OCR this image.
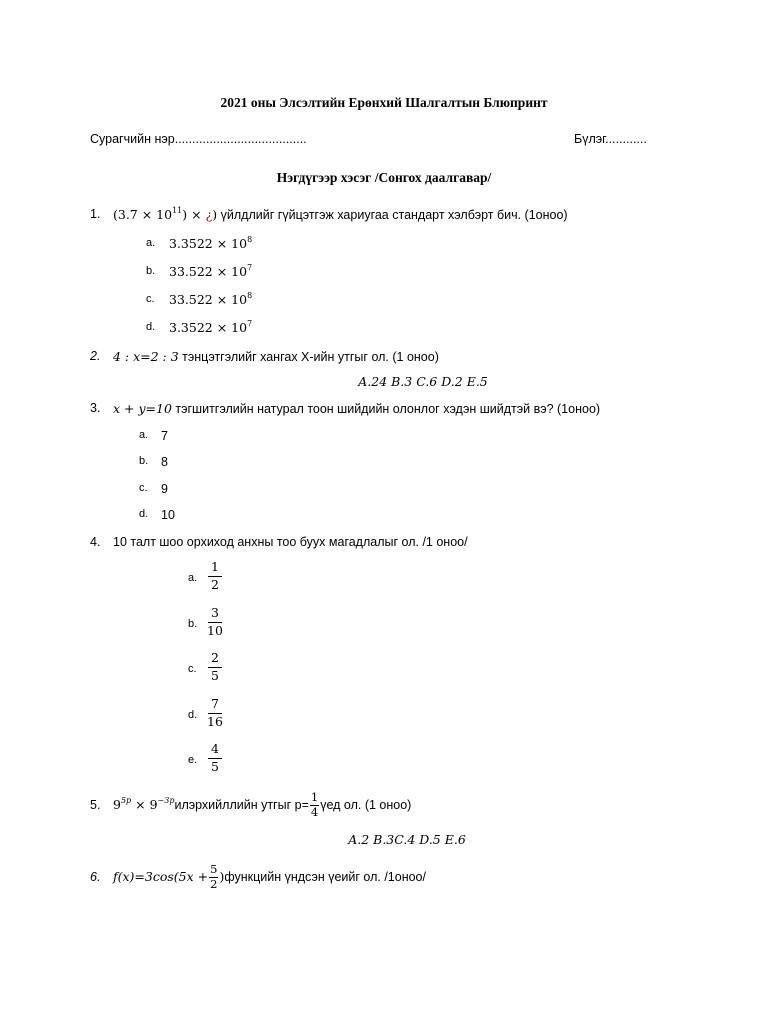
2021 оны Элсэлтийн Ерөнхий Шалгалтын Блюпринт
Сурагчийн нэр......................................	Бүлэг............
Нэгдүгээр хэсэг /Сонгох даалгавар/
1. $(3.7 \times 10^{11})$ × ¿) үйлдлийг гүйцэтгэж хариугаа стандарт хэлбэрт бич. (1оноо)
a. $3.3522 \times 10^8$
b. $33.522 \times 10^7$
c. $33.522 \times 10^8$
d. $3.3522 \times 10^7$
2. 4 : x=2 : 3 тэнцэтгэлийг хангах Х-ийн утгыг ол. (1 оноо)
A.24 B.3 C.6 D.2 E.5
3. x + y=10 тэгшитгэлийн натурал тоон шийдийн олонлог хэдэн шийдтэй вэ? (1оноо)
a. 7
b. 8
c. 9
d. 10
4. 10 талт шоо орхиход анхны тоо буух магадлалыг ол. /1 оноо/
a. $\frac{1}{2}$
b. $\frac{3}{10}$
c. $\frac{2}{5}$
d. $\frac{7}{16}$
e. $\frac{4}{5}$
5. $9^{5p} \times 9^{-3p}$ илэрхийллийн утгыг $p= \frac{1}{4}$ үед ол. (1 оноо)
A.2 B.3C.4 D.5 E.6
6. $f(x)=3\cos(5x + \frac{5}{2}$ ) функцийн үндсэн үеийг ол. /1оноо/
